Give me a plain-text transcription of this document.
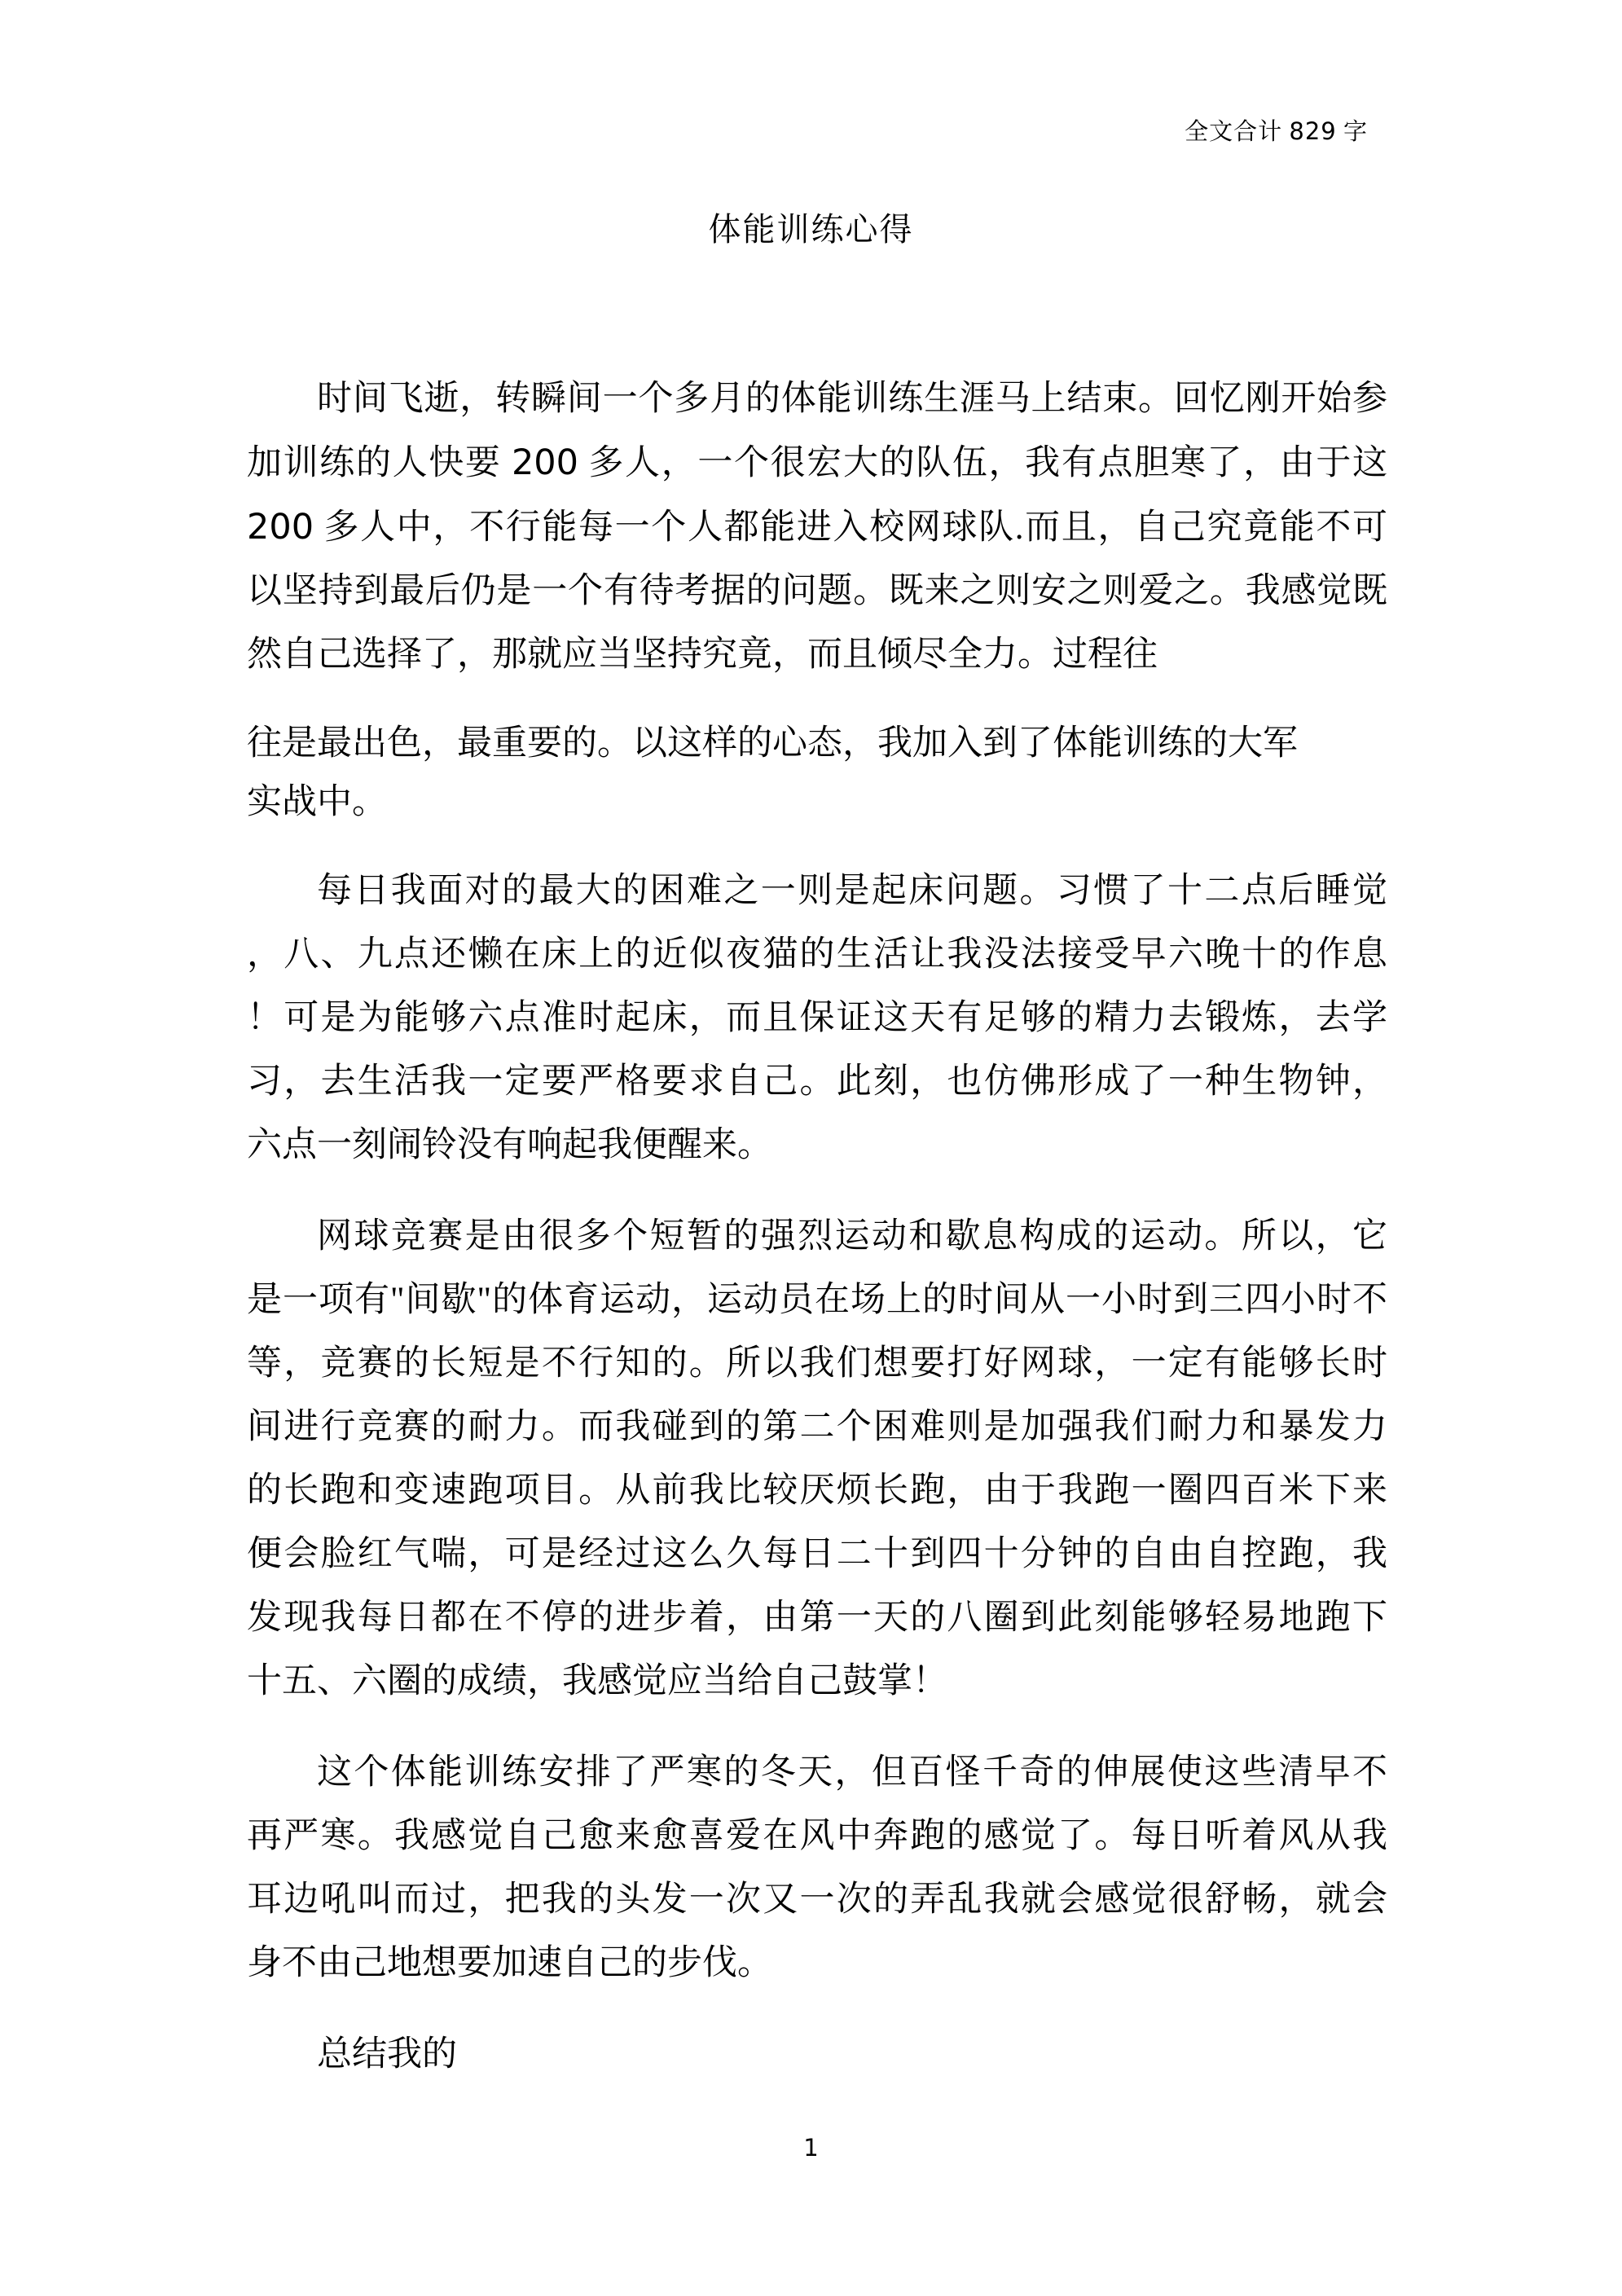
全文合计 829 字
体能训练心得
时间飞逝，转瞬间一个多月的体能训练生涯马上结束。回忆刚开始参
加训练的人快要 200 多人，一个很宏大的队伍，我有点胆寒了，由于这
200 多人中，不行能每一个人都能进入校网球队.而且，自己究竟能不可
以坚持到最后仍是一个有待考据的问题。既来之则安之则爱之。我感觉既
然自己选择了，那就应当坚持究竟，而且倾尽全力。过程往
往是最出色，最重要的。以这样的心态，我加入到了体能训练的大军
实战中。
每日我面对的最大的困难之一则是起床问题。习惯了十二点后睡觉
，八、九点还懒在床上的近似夜猫的生活让我没法接受早六晚十的作息
！可是为能够六点准时起床，而且保证这天有足够的精力去锻炼，去学
习，去生活我一定要严格要求自己。此刻，也仿佛形成了一种生物钟，
六点一刻闹铃没有响起我便醒来。
网球竞赛是由很多个短暂的强烈运动和歇息构成的运动。所以，它
是一项有"间歇"的体育运动，运动员在场上的时间从一小时到三四小时不
等，竞赛的长短是不行知的。所以我们想要打好网球，一定有能够长时
间进行竞赛的耐力。而我碰到的第二个困难则是加强我们耐力和暴发力
的长跑和变速跑项目。从前我比较厌烦长跑，由于我跑一圈四百米下来
便会脸红气喘，可是经过这么久每日二十到四十分钟的自由自控跑，我
发现我每日都在不停的进步着，由第一天的八圈到此刻能够轻易地跑下
十五、六圈的成绩，我感觉应当给自己鼓掌！
这个体能训练安排了严寒的冬天，但百怪千奇的伸展使这些清早不
再严寒。我感觉自己愈来愈喜爱在风中奔跑的感觉了。每日听着风从我
耳边吼叫而过，把我的头发一次又一次的弄乱我就会感觉很舒畅，就会
身不由己地想要加速自己的步伐。
总结我的
1
